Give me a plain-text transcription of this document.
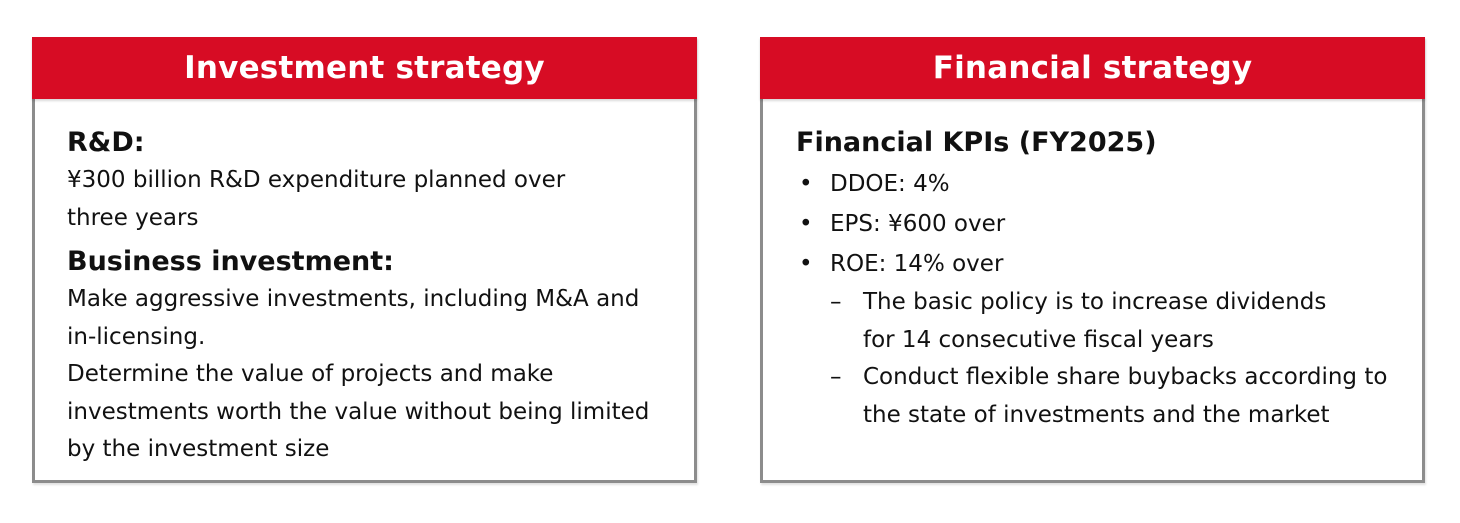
Investment strategy

R&D:

¥300 billion R&D expenditure planned over three years

Business investment:

Make aggressive investments, including M&A and in-licensing.

Determine the value of projects and make investments worth the value without being limited by the investment size

Financial strategy

Financial KPIs (FY2025)

• DDOE: 4%
• EPS: ¥600 over
• ROE: 14% over
– The basic policy is to increase dividends for 14 consecutive fiscal years
– Conduct flexible share buybacks according to the state of investments and the market
